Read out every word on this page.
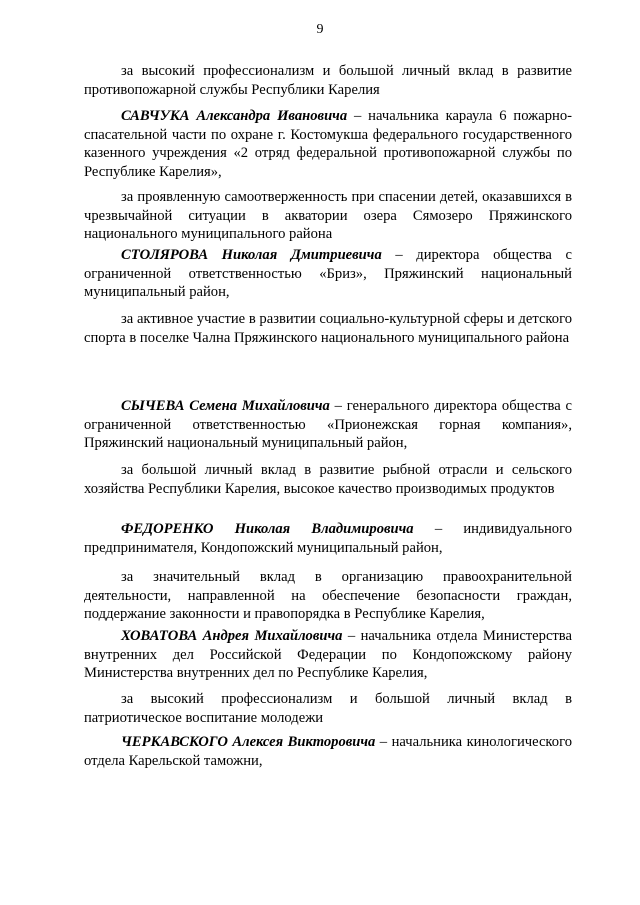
9

за высокий профессионализм и большой личный вклад в развитие противопожарной службы Республики Карелия

САВЧУКА Александра Ивановича – начальника караула 6 пожарно-спасательной части по охране г. Костомукша федерального государственного казенного учреждения «2 отряд федеральной противопожарной службы по Республике Карелия»,

за проявленную самоотверженность при спасении детей, оказавшихся в чрезвычайной ситуации в акватории озера Сямозеро Пряжинского национального муниципального района

СТОЛЯРОВА Николая Дмитриевича – директора общества с ограниченной ответственностью «Бриз», Пряжинский национальный муниципальный район,

за активное участие в развитии социально-культурной сферы и детского спорта в поселке Чална Пряжинского национального муниципального района

СЫЧЕВА Семена Михайловича – генерального директора общества с ограниченной ответственностью «Прионежская горная компания», Пряжинский национальный муниципальный район,

за большой личный вклад в развитие рыбной отрасли и сельского хозяйства Республики Карелия, высокое качество производимых продуктов

ФЕДОРЕНКО Николая Владимировича – индивидуального предпринимателя, Кондопожский муниципальный район,

за значительный вклад в организацию правоохранительной деятельности, направленной на обеспечение безопасности граждан, поддержание законности и правопорядка в Республике Карелия,

ХОВАТОВА Андрея Михайловича – начальника отдела Министерства внутренних дел Российской Федерации по Кондопожскому району Министерства внутренних дел по Республике Карелия,

за высокий профессионализм и большой личный вклад в патриотическое воспитание молодежи

ЧЕРКАВСКОГО Алексея Викторовича – начальника кинологического отдела Карельской таможни,
